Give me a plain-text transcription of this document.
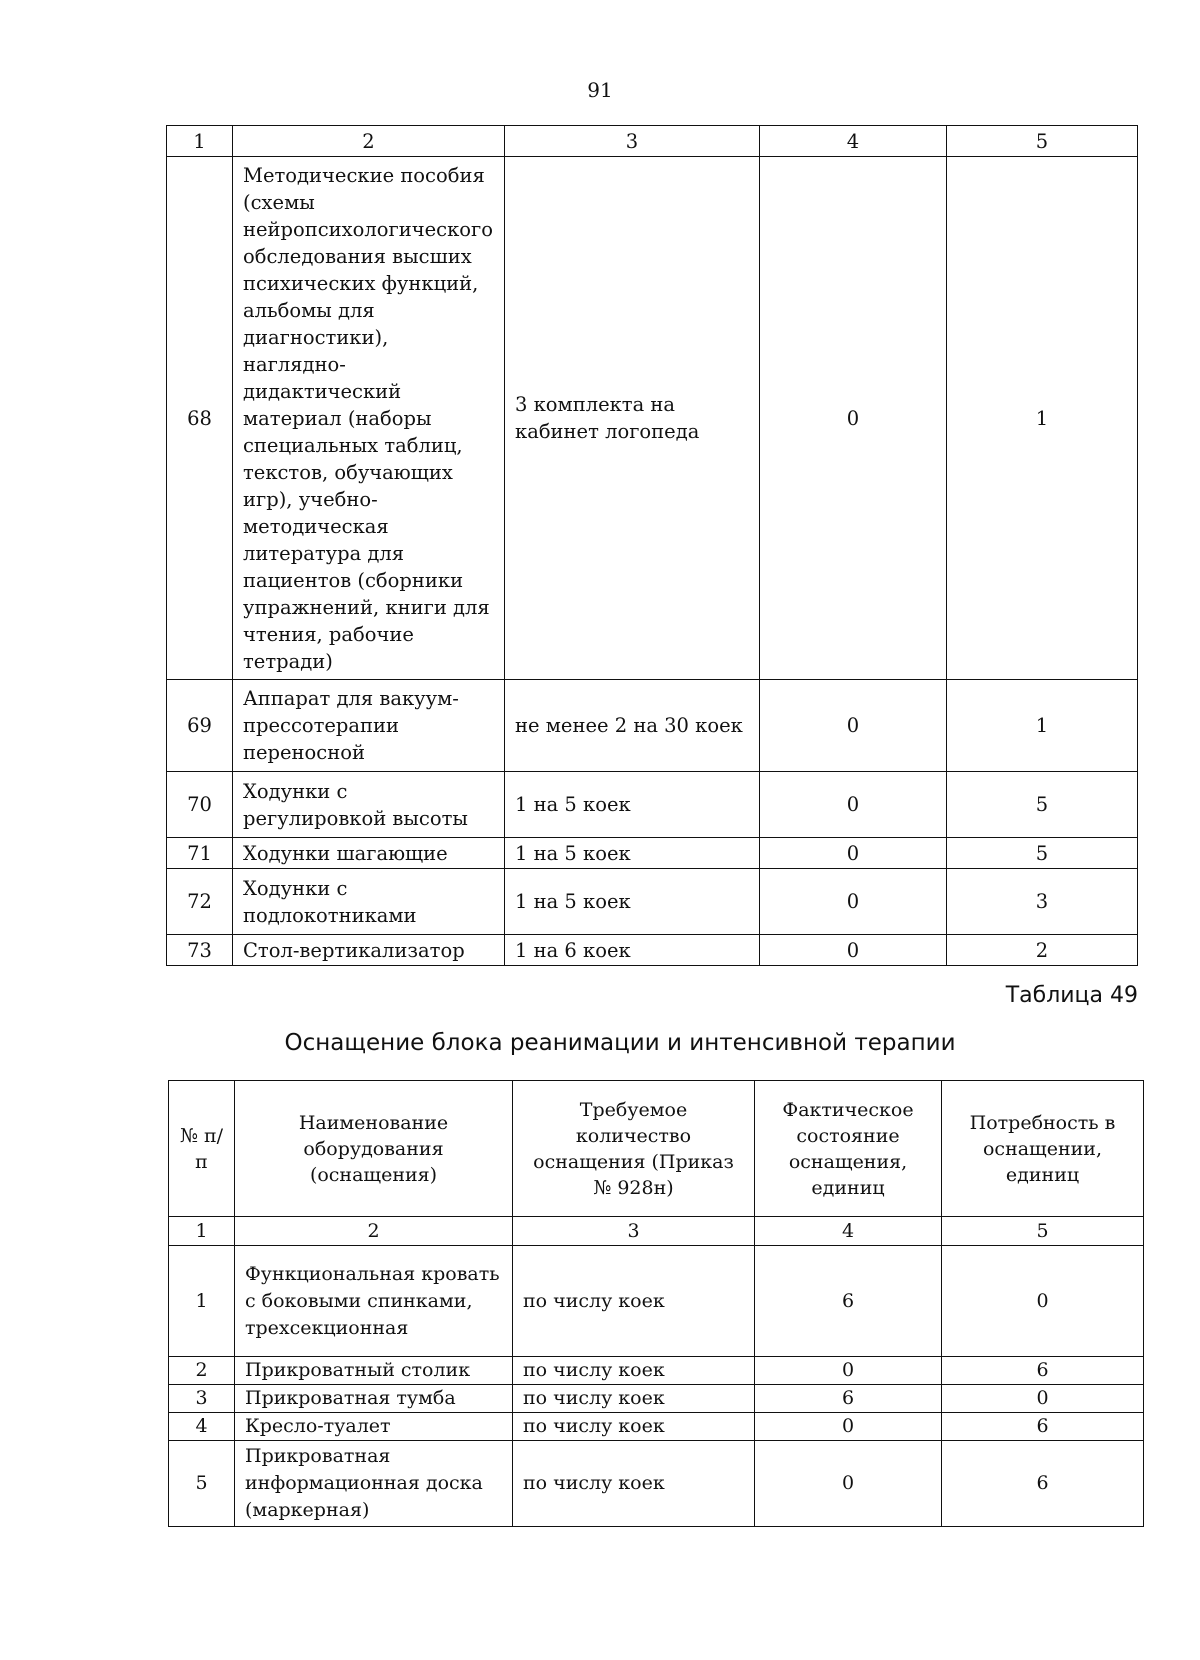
91
1	2	3	4	5
68	Методические пособия (схемы нейропсихологического обследования высших психических функций, альбомы для диагностики), наглядно-дидактический материал (наборы специальных таблиц, текстов, обучающих игр), учебно-методическая литература для пациентов (сборники упражнений, книги для чтения, рабочие тетради)	3 комплекта на кабинет логопеда	0	1
69	Аппарат для вакуум-прессотерапии переносной	не менее 2 на 30 коек	0	1
70	Ходунки с регулировкой высоты	1 на 5 коек	0	5
71	Ходунки шагающие	1 на 5 коек	0	5
72	Ходунки с подлокотниками	1 на 5 коек	0	3
73	Стол-вертикализатор	1 на 6 коек	0	2
Таблица 49
Оснащение блока реанимации и интенсивной терапии
№ п/п	Наименование оборудования (оснащения)	Требуемое количество оснащения (Приказ № 928н)	Фактическое состояние оснащения, единиц	Потребность в оснащении, единиц
1	2	3	4	5
1	Функциональная кровать с боковыми спинками, трехсекционная	по числу коек	6	0
2	Прикроватный столик	по числу коек	0	6
3	Прикроватная тумба	по числу коек	6	0
4	Кресло-туалет	по числу коек	0	6
5	Прикроватная информационная доска (маркерная)	по числу коек	0	6
